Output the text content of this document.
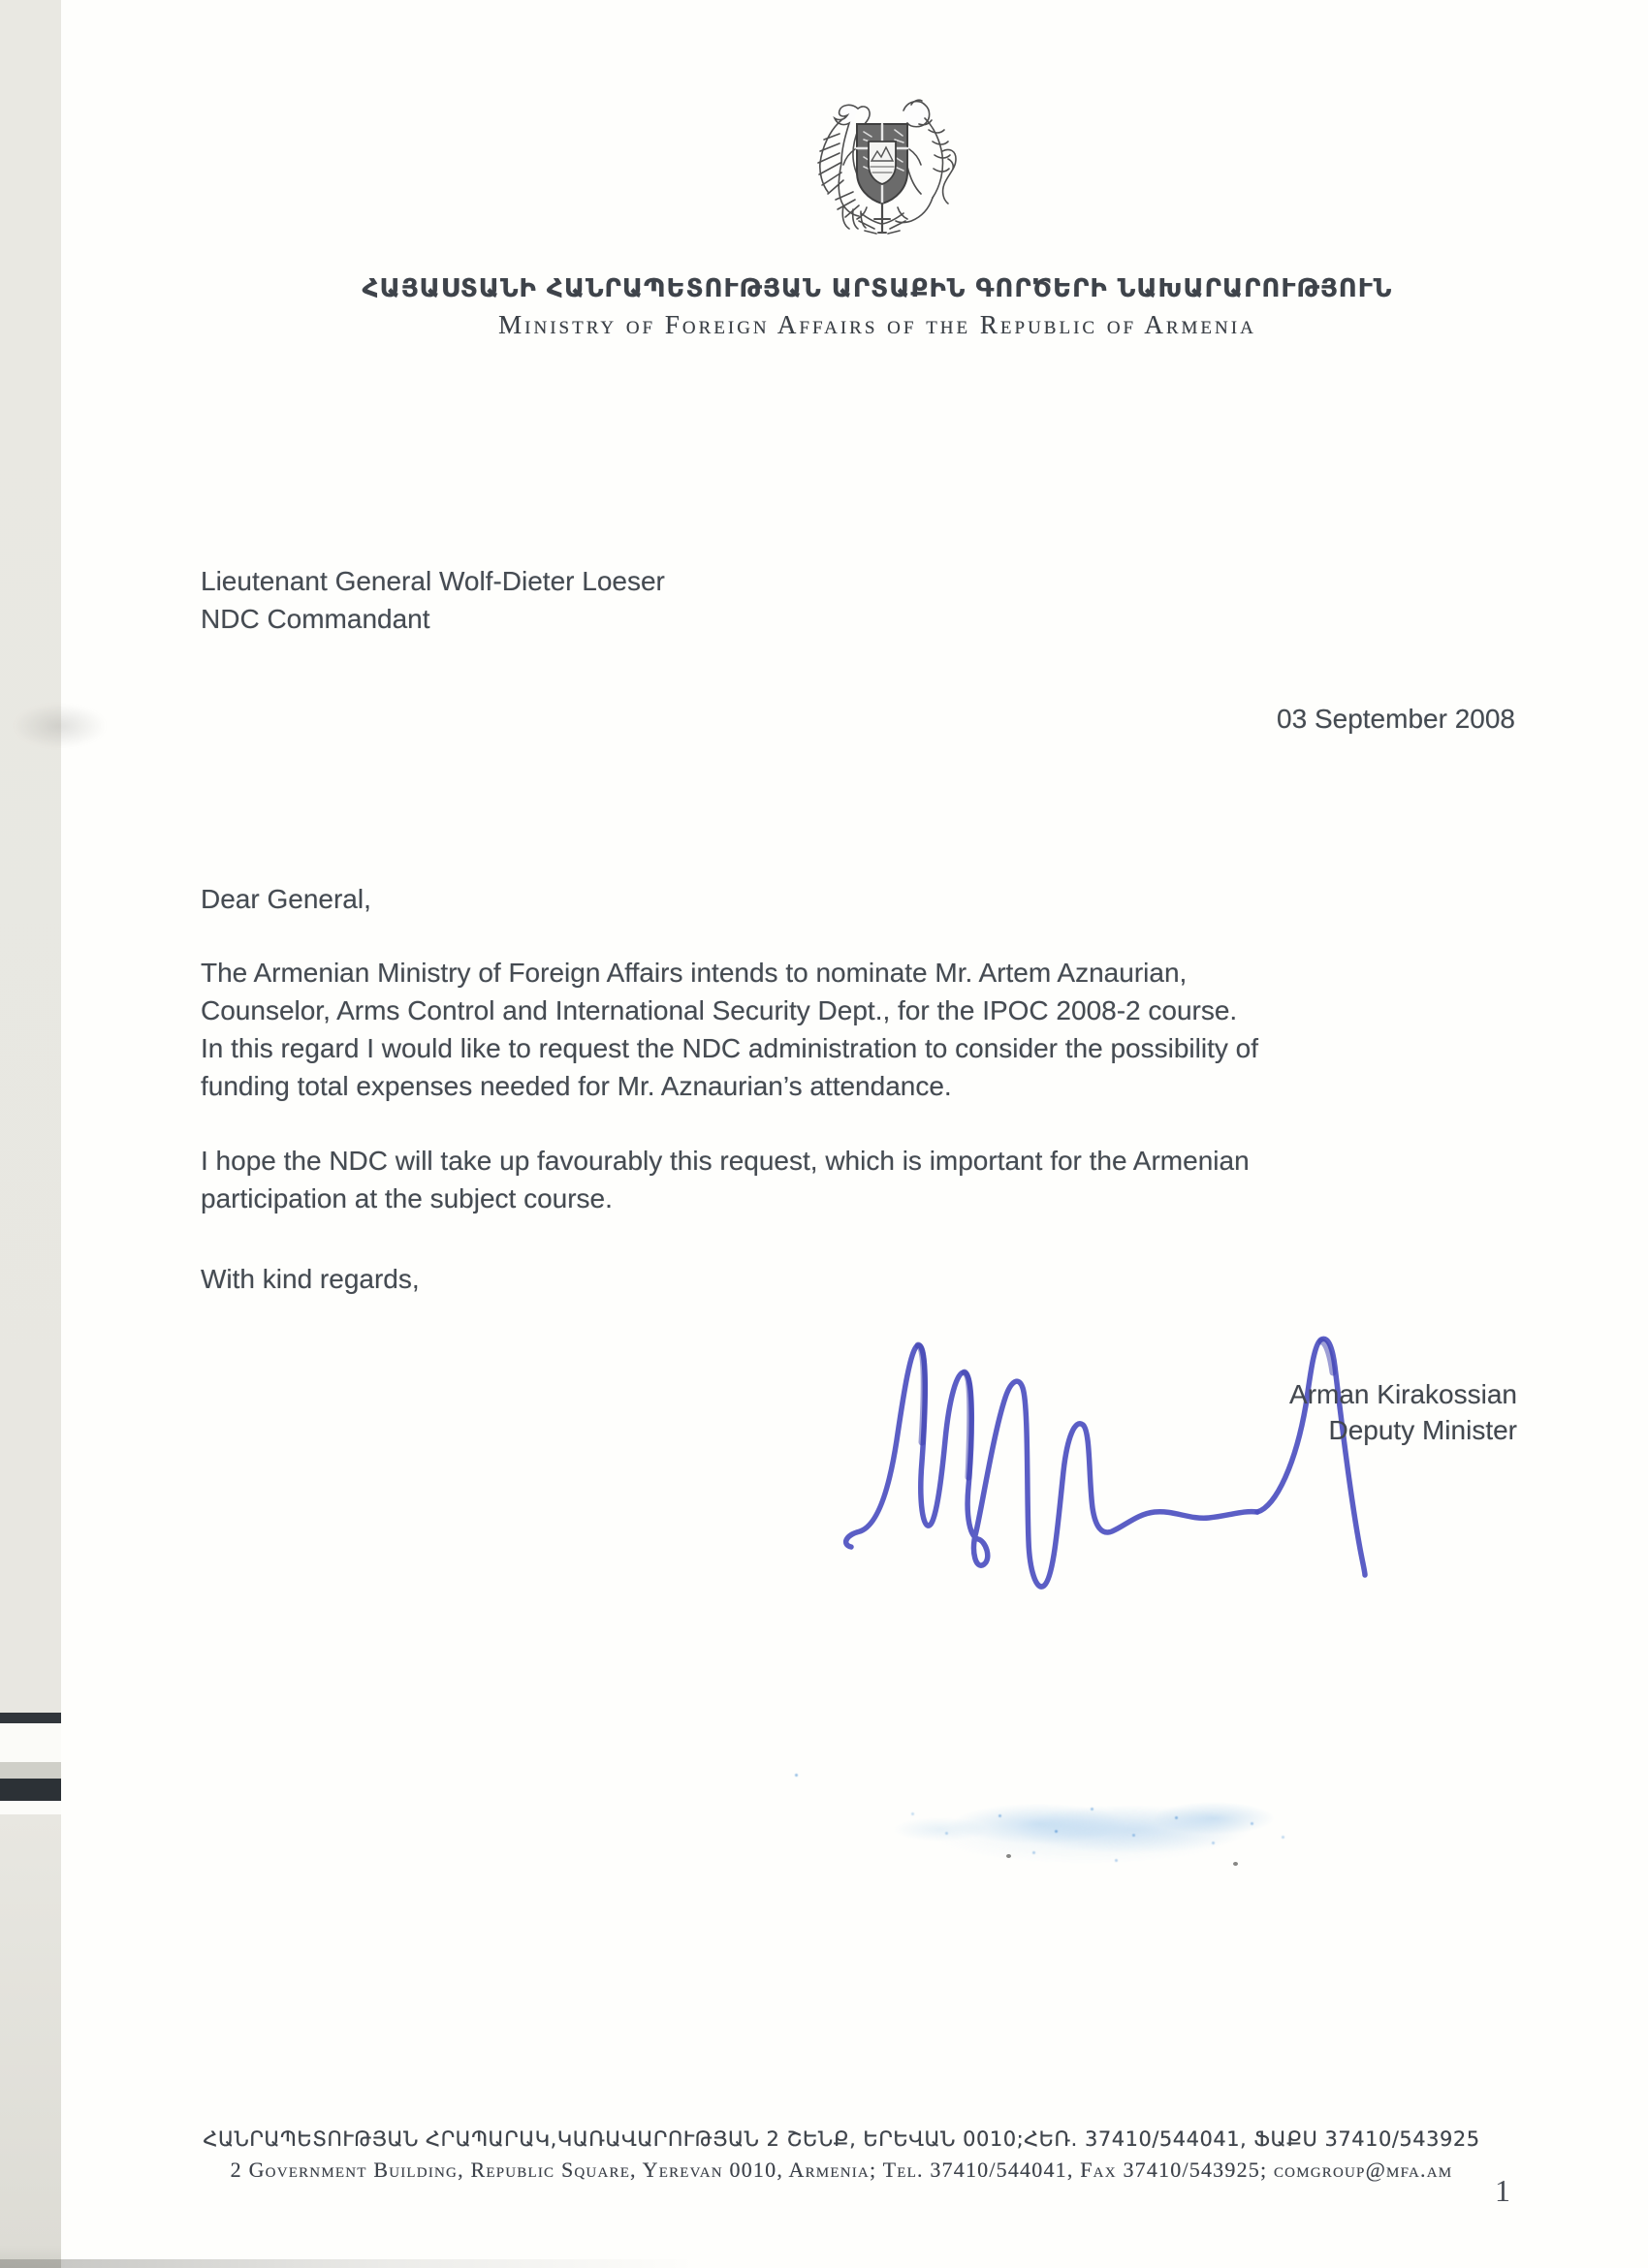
ՀԱՅԱՍՏԱՆԻ ՀԱՆՐԱՊԵՏՈՒԹՅԱՆ ԱՐՏԱՔԻՆ ԳՈՐԾԵՐԻ ՆԱԽԱՐԱՐՈՒԹՅՈՒՆ
Ministry of Foreign Affairs of the Republic of Armenia
Lieutenant General Wolf-Dieter Loeser
NDC Commandant
03 September 2008
Dear General,
The Armenian Ministry of Foreign Affairs intends to nominate Mr. Artem Aznaurian,
Counselor, Arms Control and International Security Dept., for the IPOC 2008-2 course.
In this regard I would like to request the NDC administration to consider the possibility of
funding total expenses needed for Mr. Aznaurian’s attendance.
I hope the NDC will take up favourably this request, which is important for the Armenian
participation at the subject course.
With kind regards,
Arman Kirakossian
Deputy Minister
ՀԱՆՐԱՊԵՏՈՒԹՅԱՆ ՀՐԱՊԱՐԱԿ,ԿԱՌԱՎԱՐՈՒԹՅԱՆ 2 ՇԵՆՔ, ԵՐԵՎԱՆ 0010;ՀԵՌ. 37410/544041, ՖԱՔՍ 37410/543925
2 Government Building, Republic Square, Yerevan 0010, Armenia; Tel. 37410/544041, Fax 37410/543925; comgroup@mfa.am
1
